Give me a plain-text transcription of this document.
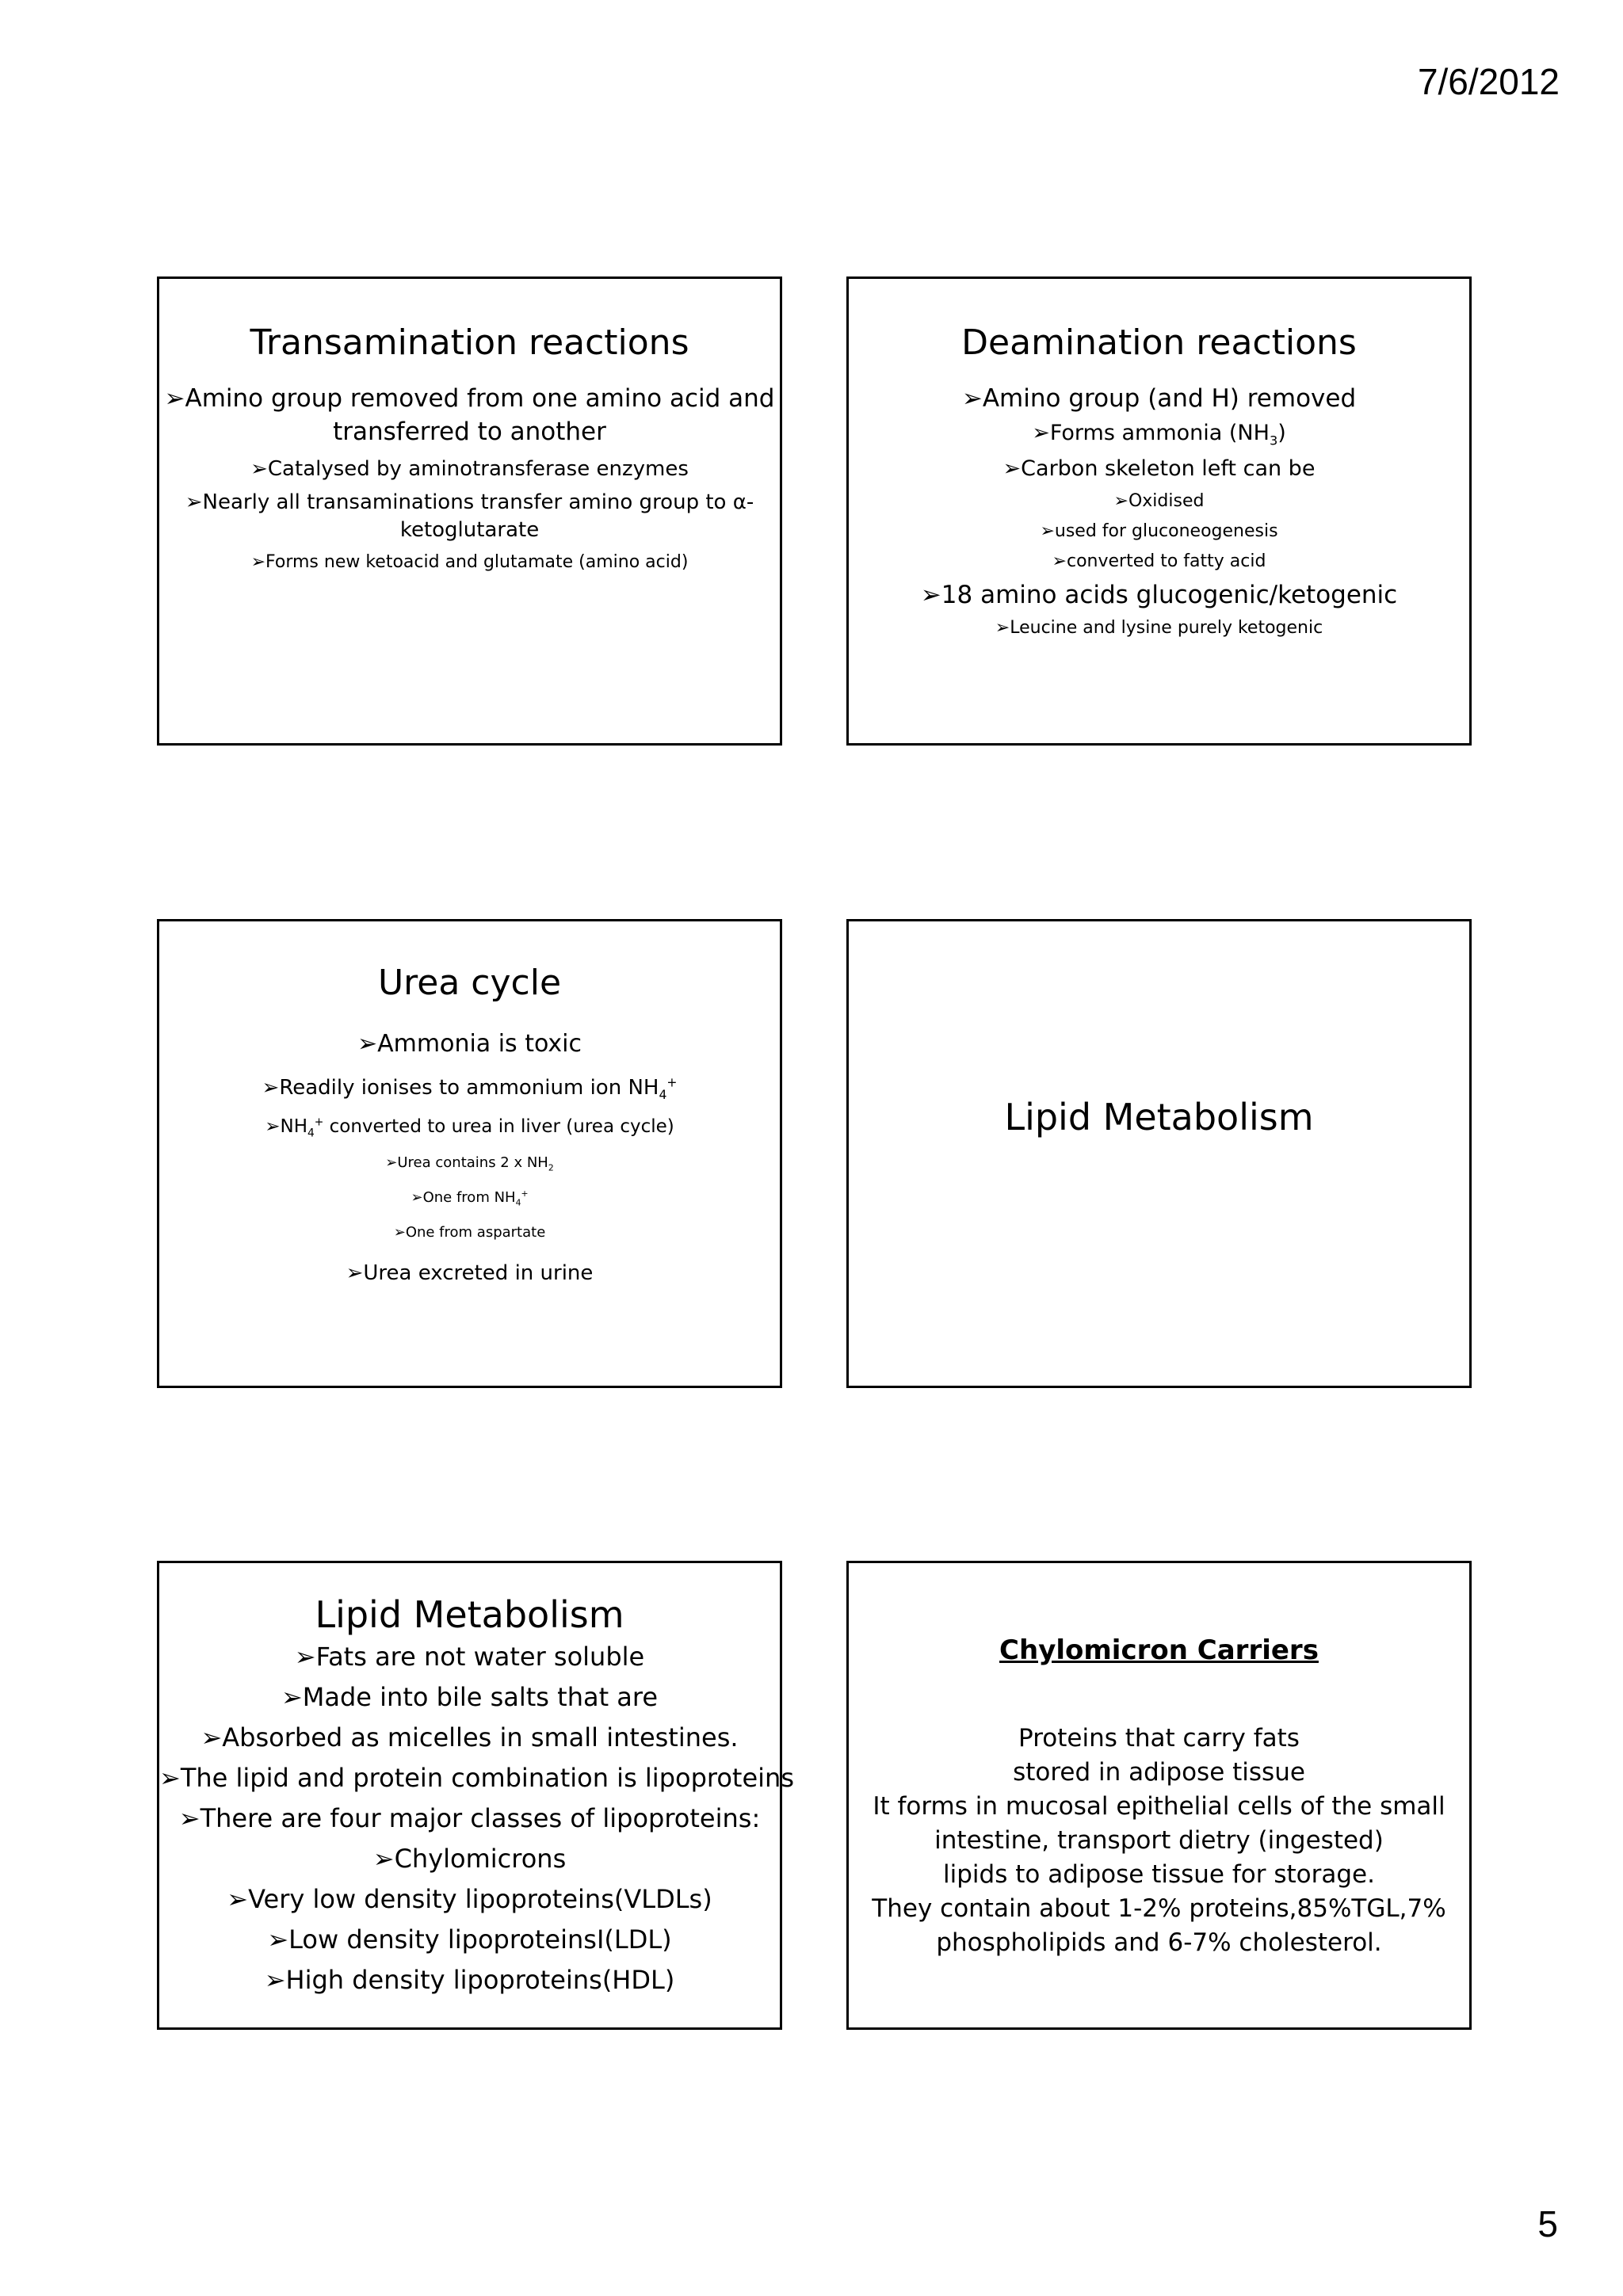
7/6/2012
Transamination reactions
➢Amino group removed from one amino acid and
transferred to another
➢Catalysed by aminotransferase enzymes
➢Nearly all transaminations transfer amino group to α-
ketoglutarate
➢Forms new ketoacid and glutamate (amino acid)
Deamination reactions
➢Amino group (and H) removed
➢Forms ammonia $(NH_3)$
➢Carbon skeleton left can be
➢Oxidised
➢used for gluconeogenesis
➢converted to fatty acid
➢18 amino acids glucogenic/ketogenic
➢Leucine and lysine purely ketogenic
Urea cycle
➢Ammonia is toxic
➢Readily ionises to ammonium ion $NH_4^+$
$➢NH_4^+$ converted to urea in liver (urea cycle)
➢Urea contains 2 x $NH_2$
➢One from $NH_4^+$
➢One from aspartate
➢Urea excreted in urine
Lipid Metabolism
Lipid Metabolism
➢Fats are not water soluble
➢Made into bile salts that are
➢Absorbed as micelles in small intestines.
➢The lipid and protein combination is lipoproteins
➢There are four major classes of lipoproteins:
➢Chylomicrons
➢Very low density lipoproteins(VLDLs)
➢Low density lipoproteinsI(LDL)
➢High density lipoproteins(HDL)
Chylomicron Carriers
Proteins that carry fats
stored in adipose tissue
It forms in mucosal epithelial cells of the small
intestine, transport dietry (ingested)
lipids to adipose tissue for storage.
They contain about 1-2% proteins,85%TGL,7%
phospholipids and 6-7% cholesterol.
5
